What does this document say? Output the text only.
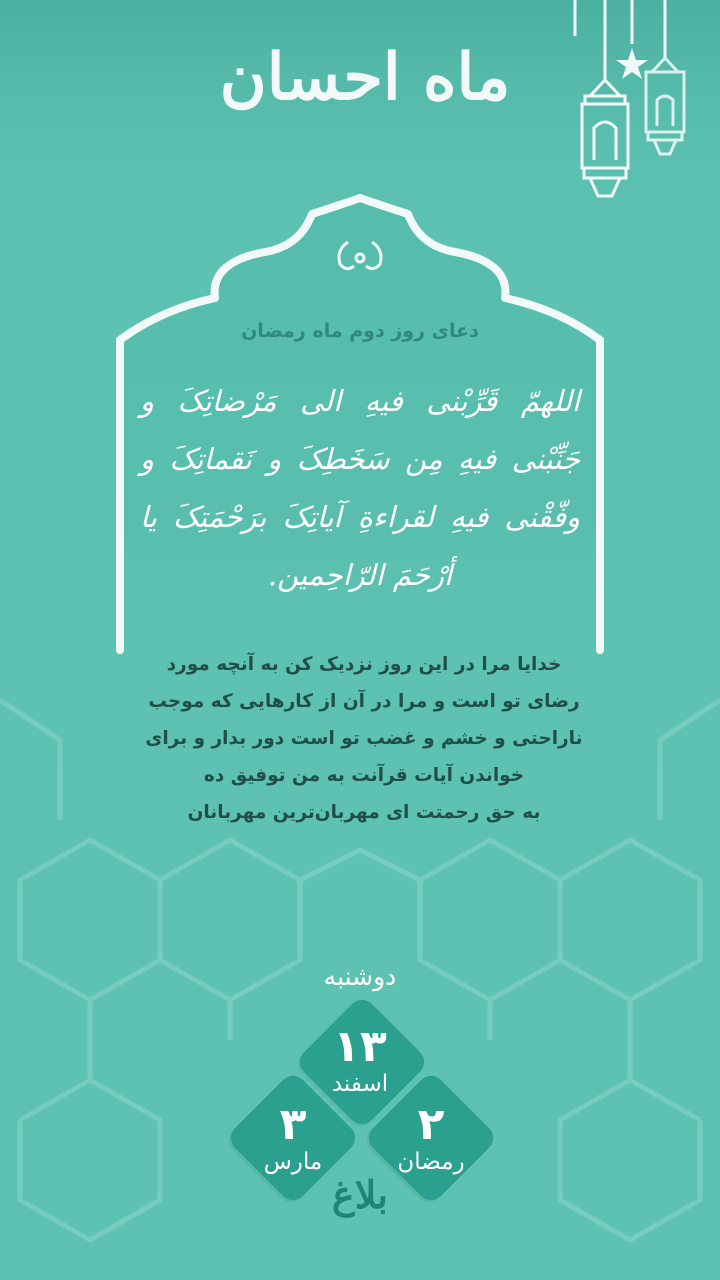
ماه احسان
دعای روز دوم ماه رمضان
اللهمّ قَرِّبْنی فیهِ الی مَرْضاتِکَ و جَنِّبْنی فیهِ مِن سَخَطِکَ و نَقماتِکَ و وفّقْنی فیهِ لقراءةِ آیاتِکَ برَحْمَتِکَ یا أرْحَمَ الرّاحِمین.
خدایا مرا در این روز نزدیک کن به آنچه مورد
رضای تو است و مرا در آن از کارهایی که موجب
ناراحتی و خشم و غضب تو است دور بدار و برای
خواندن آیات قرآنت به من توفیق ده
به حق رحمتت ای مهربان‌ترین مهربانان
دوشنبه
۱۳
اسفند
۳
مارس
۲
رمضان
بلاغ
